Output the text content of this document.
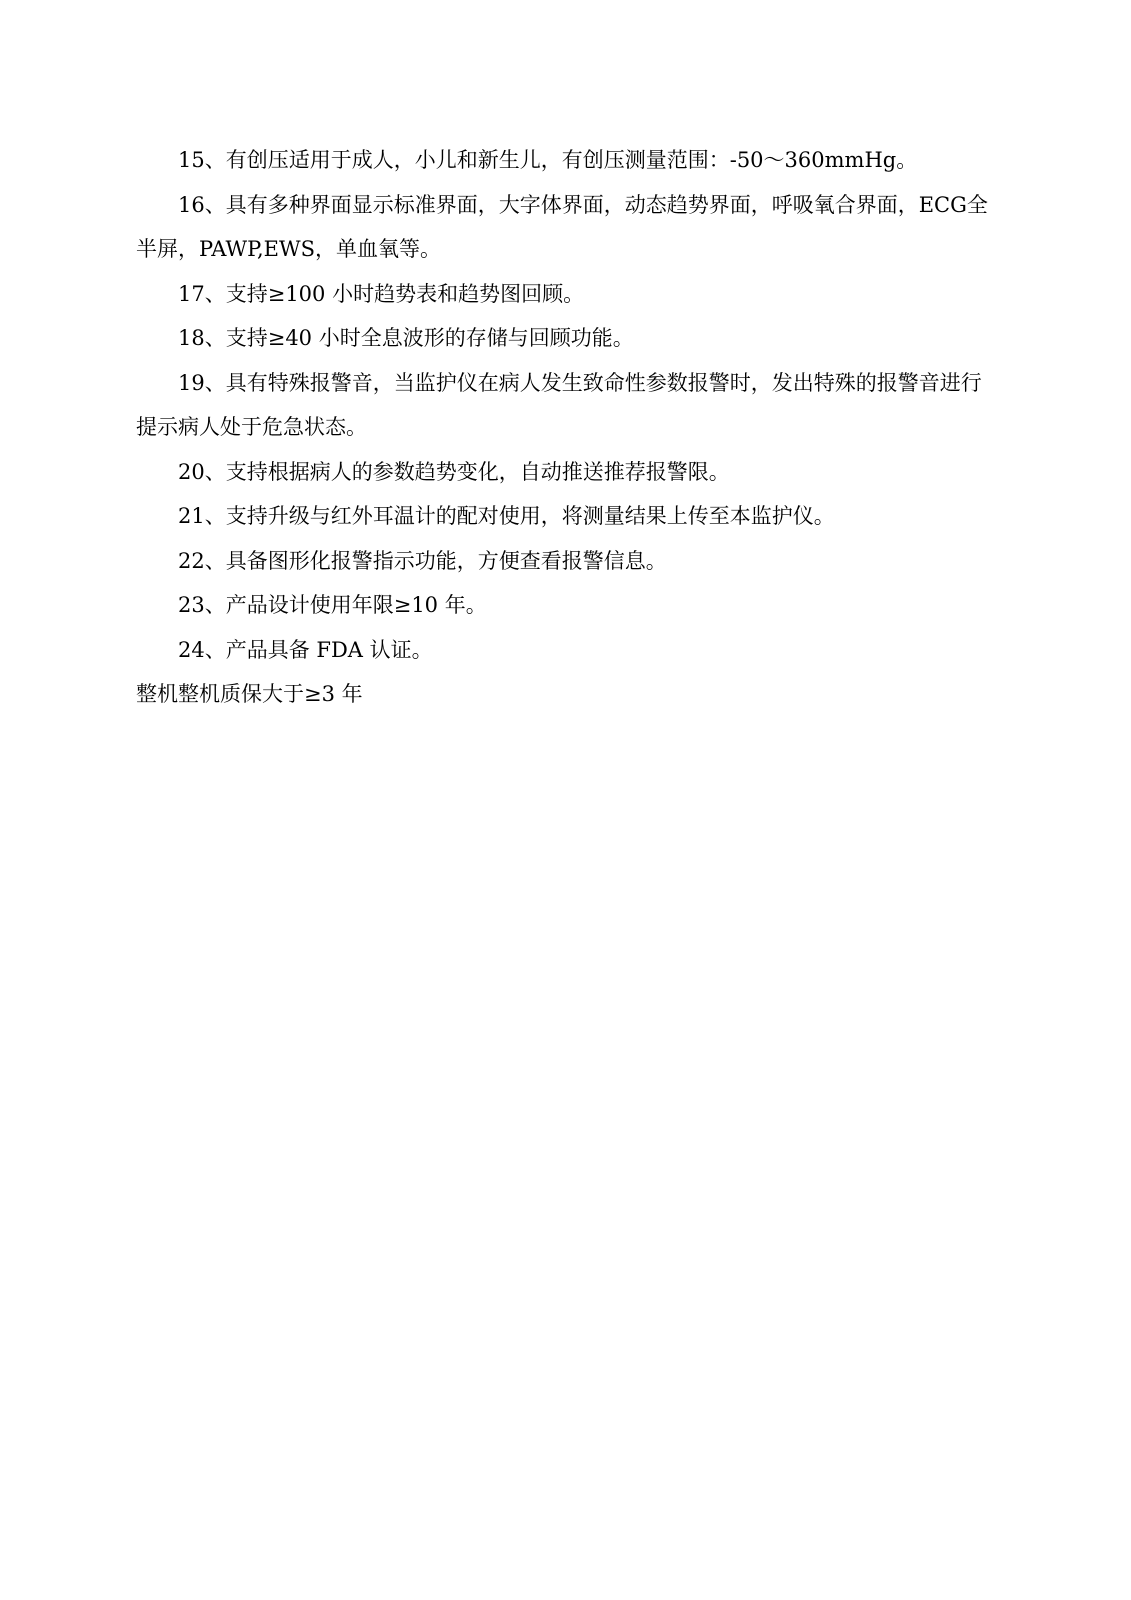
15、有创压适用于成人，小儿和新生儿，有创压测量范围：-50～360mmHg。

16、具有多种界面显示标准界面，大字体界面，动态趋势界面，呼吸氧合界面，ECG全半屏，PAWP,EWS，单血氧等。

17、支持≥100 小时趋势表和趋势图回顾。

18、支持≥40 小时全息波形的存储与回顾功能。

19、具有特殊报警音，当监护仪在病人发生致命性参数报警时，发出特殊的报警音进行提示病人处于危急状态。

20、支持根据病人的参数趋势变化，自动推送推荐报警限。

21、支持升级与红外耳温计的配对使用，将测量结果上传至本监护仪。

22、具备图形化报警指示功能，方便查看报警信息。

23、产品设计使用年限≥10 年。

24、产品具备 FDA 认证。

整机整机质保大于≥3 年
